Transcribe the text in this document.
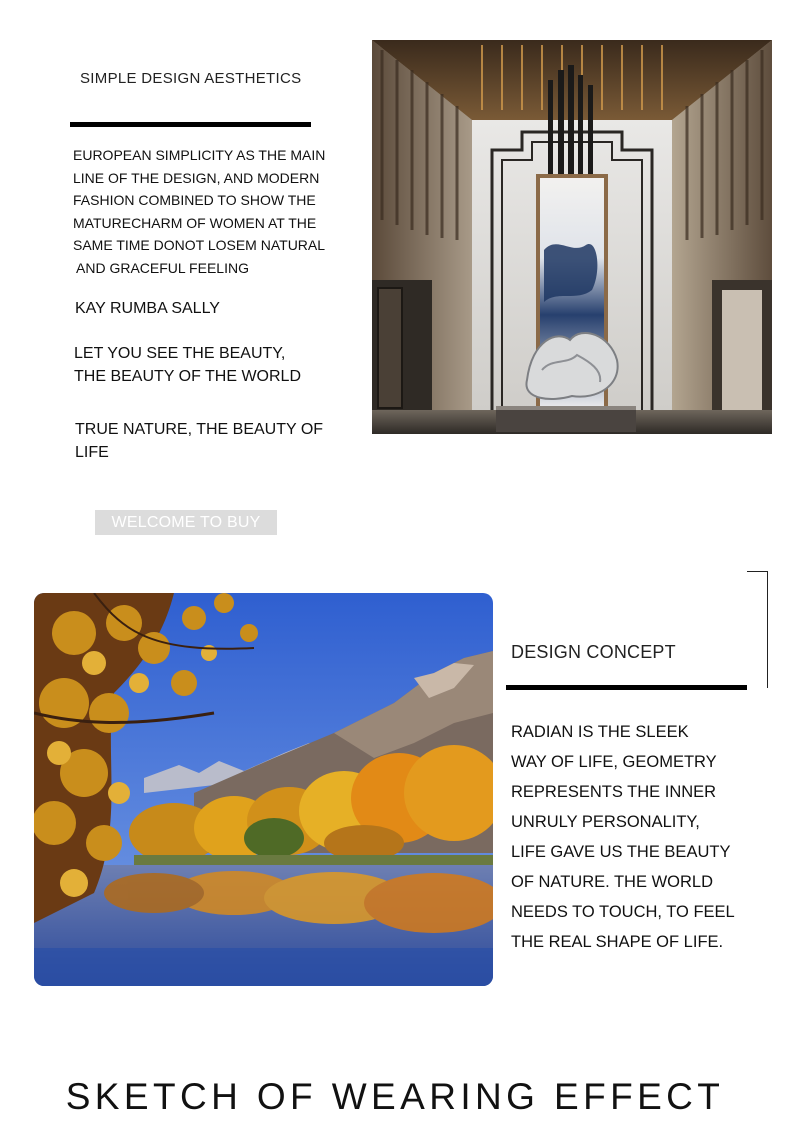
SIMPLE DESIGN AESTHETICS
EUROPEAN SIMPLICITY AS THE MAIN
LINE OF THE DESIGN, AND MODERN
FASHION COMBINED TO SHOW THE
MATURECHARM OF WOMEN AT THE
SAME TIME DONOT LOSEM NATURAL
AND GRACEFUL FEELING
KAY RUMBA SALLY
LET YOU SEE THE BEAUTY,
THE BEAUTY OF THE WORLD
TRUE NATURE, THE BEAUTY OF
LIFE
WELCOME TO BUY
DESIGN CONCEPT
RADIAN IS THE SLEEK
WAY OF LIFE, GEOMETRY
REPRESENTS THE INNER
UNRULY PERSONALITY,
LIFE GAVE US THE BEAUTY
OF NATURE. THE WORLD
NEEDS TO TOUCH, TO FEEL
THE REAL SHAPE OF LIFE.
SKETCH OF WEARING EFFECT
